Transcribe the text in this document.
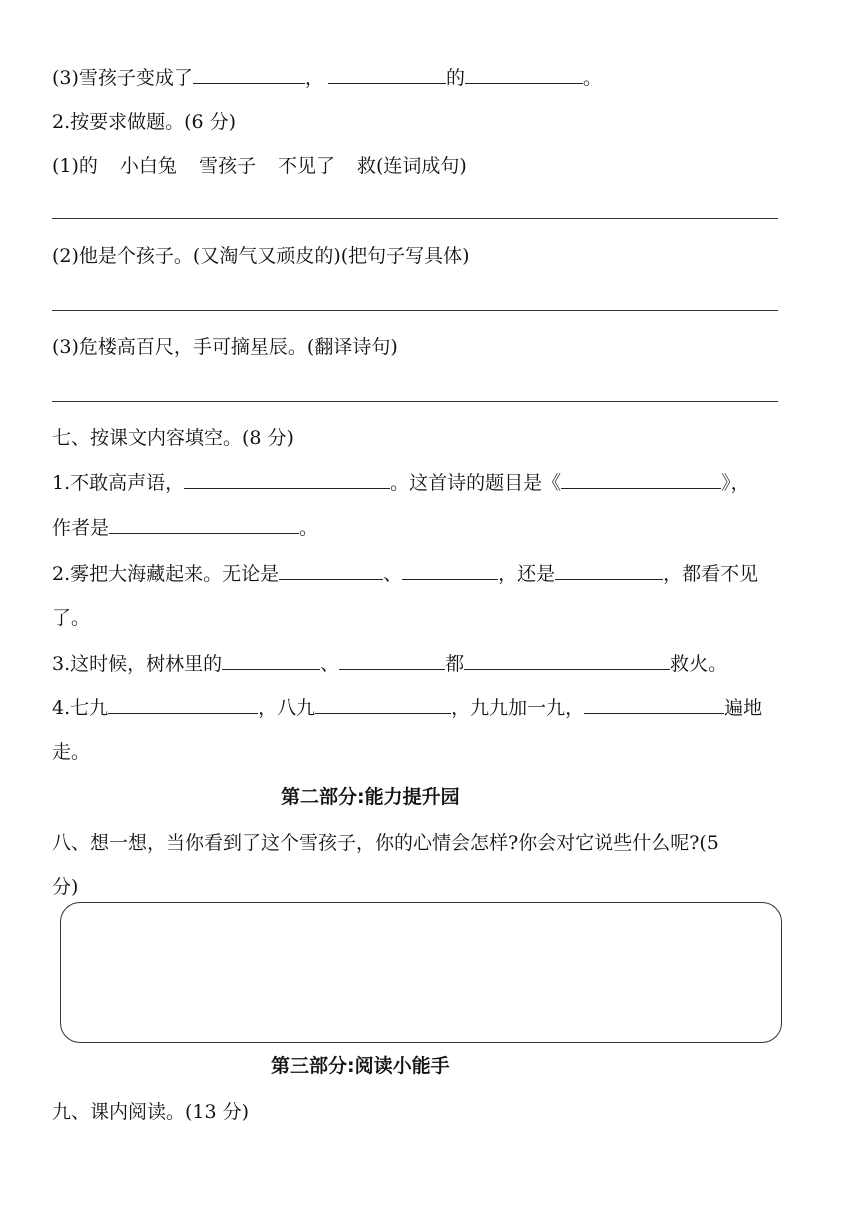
(3)雪孩子变成了	，	的	。
2.按要求做题。(6 分)
(1)的 小白兔 雪孩子 不见了 救(连词成句)
(2)他是个孩子。(又淘气又顽皮的)(把句子写具体)
(3)危楼高百尺，手可摘星辰。(翻译诗句)
七、按课文内容填空。(8 分)
1.不敢高声语，	。这首诗的题目是《	》，
作者是	。
2.雾把大海藏起来。无论是	、	，还是	，都看不见
了。
3.这时候，树林里的	、	都	救火。
4.七九	，八九	，九九加一九，	遍地
走。
第二部分:能力提升园
八、想一想，当你看到了这个雪孩子，你的心情会怎样?你会对它说些什么呢?(5
分)
第三部分:阅读小能手
九、课内阅读。(13 分)
